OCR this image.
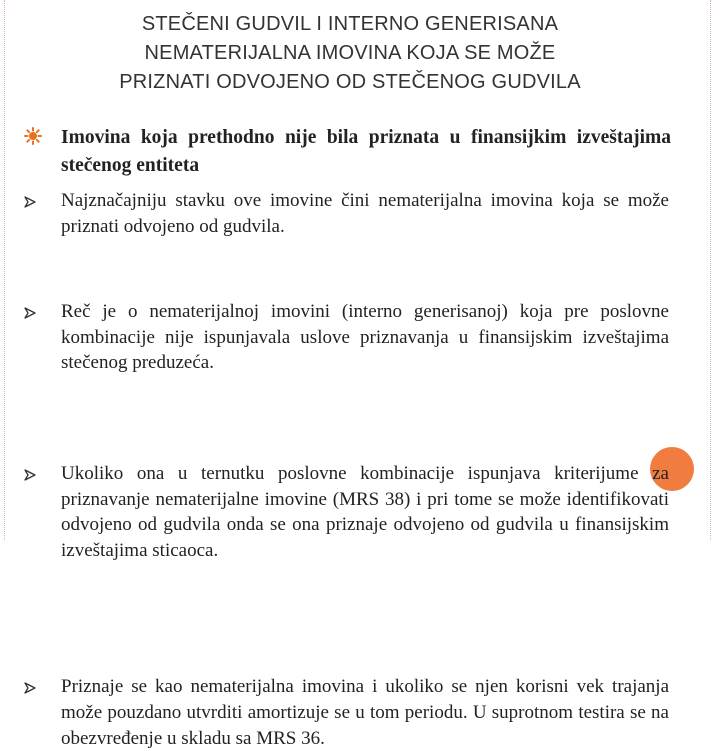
STEČENI GUDVIL I INTERNO GENERISANA
NEMATERIJALNA IMOVINA KOJA SE MOŽE
PRIZNATI ODVOJENO OD STEČENOG GUDVILA
Imovina koja prethodno nije bila priznata u finansijkim izveštajima stečenog entiteta
Najznačajniju stavku ove imovine čini nematerijalna imovina koja se može priznati odvojeno od gudvila.
Reč je o nematerijalnoj imovini (interno generisanoj) koja pre poslovne kombinacije nije ispunjavala uslove priznavanja u finansijskim izveštajima stečenog preduzeća.
Ukoliko ona u ternutku poslovne kombinacije ispunjava kriterijume za priznavanje nematerijalne imovine (MRS 38) i pri tome se može identifikovati odvojeno od gudvila onda se ona priznaje odvojeno od gudvila u finansijskim izveštajima sticaoca.
Priznaje se kao nematerijalna imovina i ukoliko se njen korisni vek trajanja može pouzdano utvrditi amortizuje se u tom periodu. U suprotnom testira se na obezvređenje u skladu sa MRS 36.
